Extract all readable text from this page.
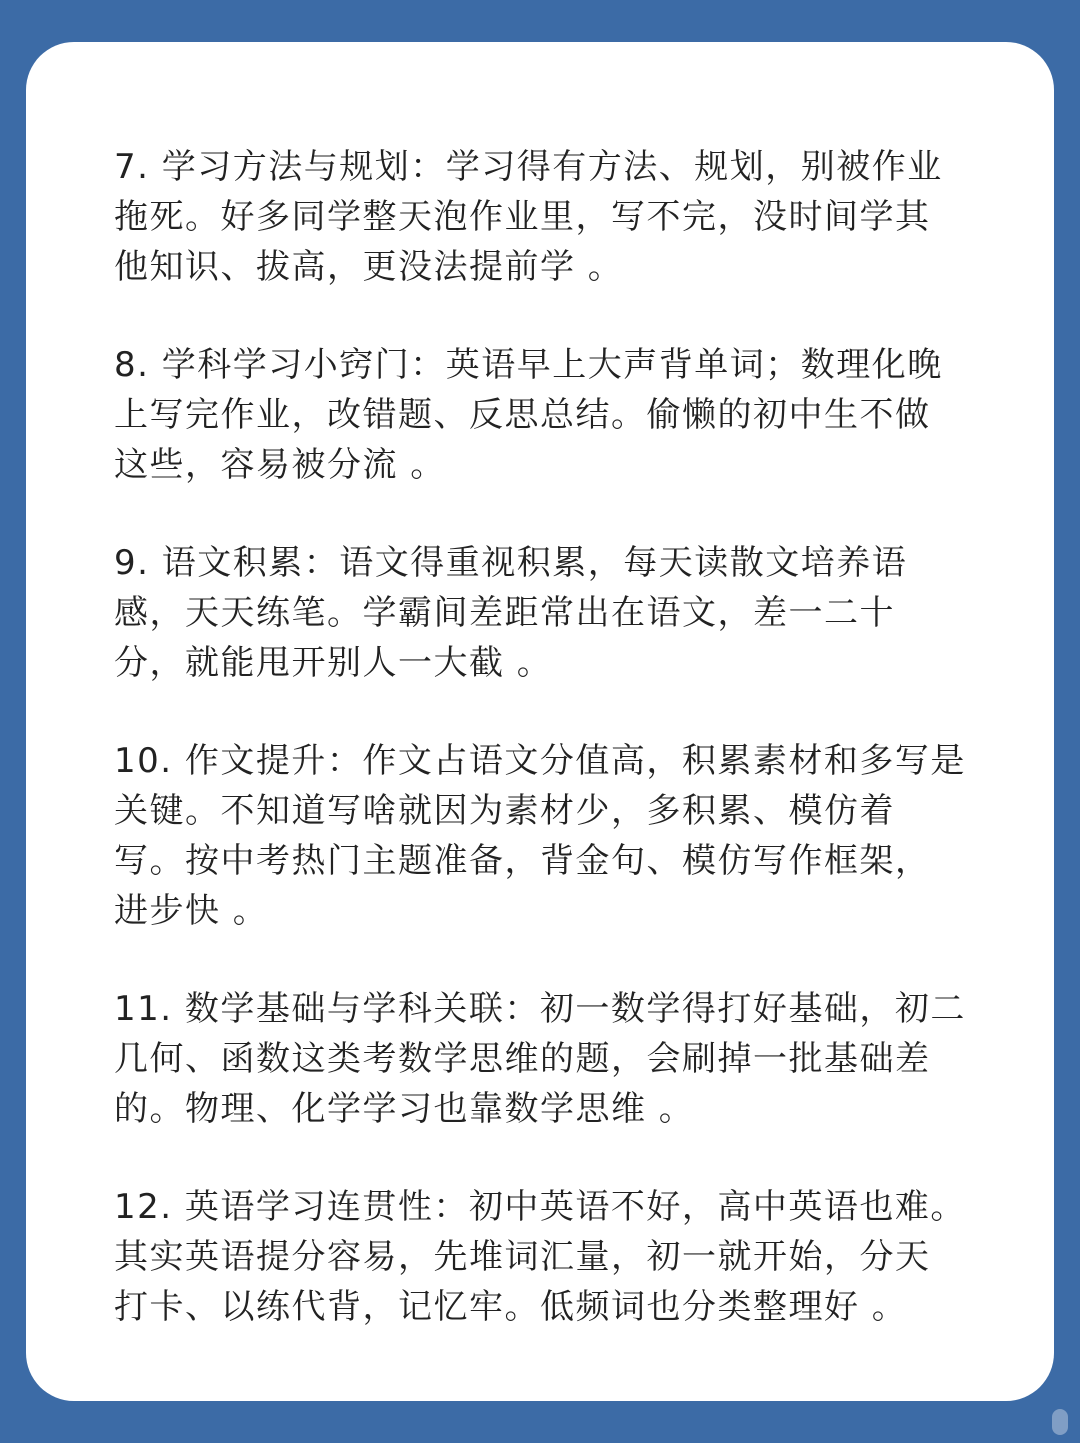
7. 学习方法与规划：学习得有方法、规划，别被作业
拖死。好多同学整天泡作业里，写不完，没时间学其
他知识、拔高，更没法提前学 。

8. 学科学习小窍门：英语早上大声背单词；数理化晚
上写完作业，改错题、反思总结。偷懒的初中生不做
这些，容易被分流 。

9. 语文积累：语文得重视积累，每天读散文培养语
感，天天练笔。学霸间差距常出在语文，差一二十
分，就能甩开别人一大截 。

10. 作文提升：作文占语文分值高，积累素材和多写是
关键。不知道写啥就因为素材少，多积累、模仿着
写。按中考热门主题准备，背金句、模仿写作框架，
进步快 。

11. 数学基础与学科关联：初一数学得打好基础，初二
几何、函数这类考数学思维的题，会刷掉一批基础差
的。物理、化学学习也靠数学思维 。

12. 英语学习连贯性：初中英语不好，高中英语也难。
其实英语提分容易，先堆词汇量，初一就开始，分天
打卡、以练代背，记忆牢。低频词也分类整理好 。
